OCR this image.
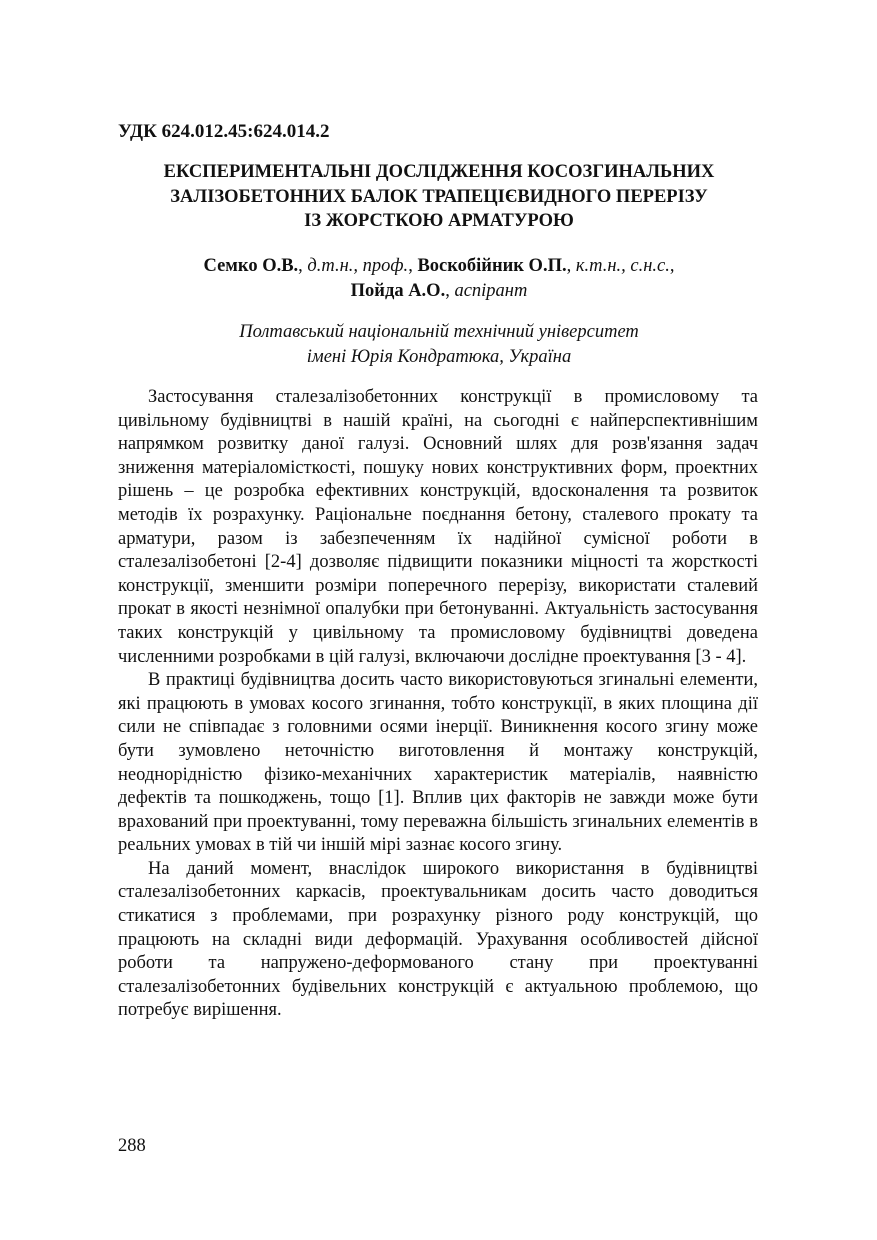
УДК 624.012.45:624.014.2
ЕКСПЕРИМЕНТАЛЬНІ ДОСЛІДЖЕННЯ КОСОЗГИНАЛЬНИХ
ЗАЛІЗОБЕТОННИХ БАЛОК ТРАПЕЦІЄВИДНОГО ПЕРЕРІЗУ
ІЗ ЖОРСТКОЮ АРМАТУРОЮ
Семко О.В., д.т.н., проф., Воскобійник О.П., к.т.н., с.н.с.,
Пойда А.О., аспірант
Полтавський національній технічний університет
імені Юрія Кондратюка, Україна

Застосування сталезалізобетонних конструкції в промисловому та цивільному будівництві в нашій країні, на сьогодні є найперспективнішим напрямком розвитку даної галузі. Основний шлях для розв'язання задач зниження матеріаломісткості, пошуку нових конструктивних форм, проектних рішень – це розробка ефективних конструкцій, вдосконалення та розвиток методів їх розрахунку. Раціональне поєднання бетону, сталевого прокату та арматури, разом із забезпеченням їх надійної сумісної роботи в сталезалізобетоні [2-4] дозволяє підвищити показники міцності та жорсткості конструкції, зменшити розміри поперечного перерізу, використати сталевий прокат в якості незнімної опалубки при бетонуванні. Актуальність застосування таких конструкцій у цивільному та промисловому будівництві доведена численними розробками в цій галузі, включаючи дослідне проектування [3 - 4].

В практиці будівництва досить часто використовуються згинальні елементи, які працюють в умовах косого згинання, тобто конструкції, в яких площина дії сили не співпадає з головними осями інерції. Виникнення косого згину може бути зумовлено неточністю виготовлення й монтажу конструкцій, неоднорідністю фізико-механічних характеристик матеріалів, наявністю дефектів та пошкоджень, тощо [1]. Вплив цих факторів не завжди може бути врахований при проектуванні, тому переважна більшість згинальних елементів в реальних умовах в тій чи іншій мірі зазнає косого згину.

На даний момент, внаслідок широкого використання в будівництві сталезалізобетонних каркасів, проектувальникам досить часто доводиться стикатися з проблемами, при розрахунку різного роду конструкцій, що працюють на складні види деформацій. Урахування особливостей дійсної роботи та напружено-деформованого стану при проектуванні сталезалізобетонних будівельних конструкцій є актуальною проблемою, що потребує вирішення.

288
